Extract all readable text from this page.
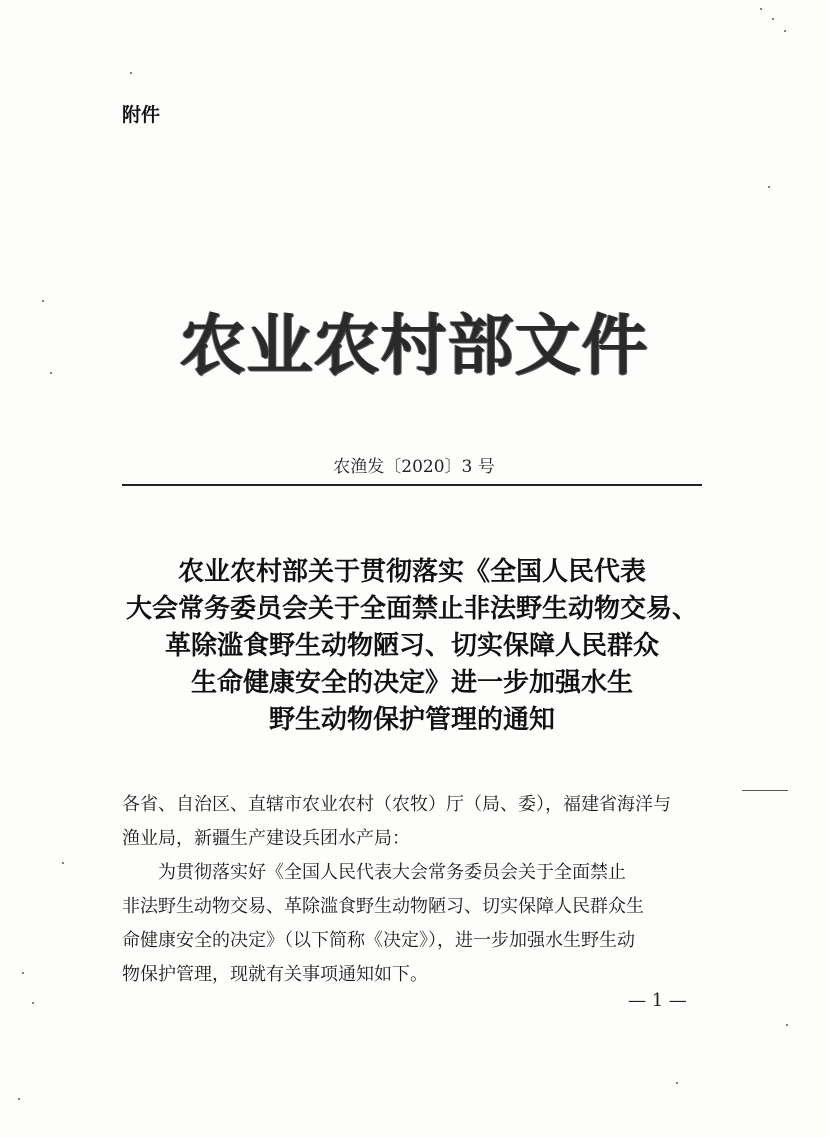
附件
农业农村部文件
农渔发〔2020〕3 号
农业农村部关于贯彻落实《全国人民代表
大会常务委员会关于全面禁止非法野生动物交易、
革除滥食野生动物陋习、切实保障人民群众
生命健康安全的决定》进一步加强水生
野生动物保护管理的通知
各省、自治区、直辖市农业农村（农牧）厅（局、委），福建省海洋与
渔业局，新疆生产建设兵团水产局：
为贯彻落实好《全国人民代表大会常务委员会关于全面禁止
非法野生动物交易、革除滥食野生动物陋习、切实保障人民群众生
命健康安全的决定》（以下简称《决定》），进一步加强水生野生动
物保护管理，现就有关事项通知如下。
— 1 —
